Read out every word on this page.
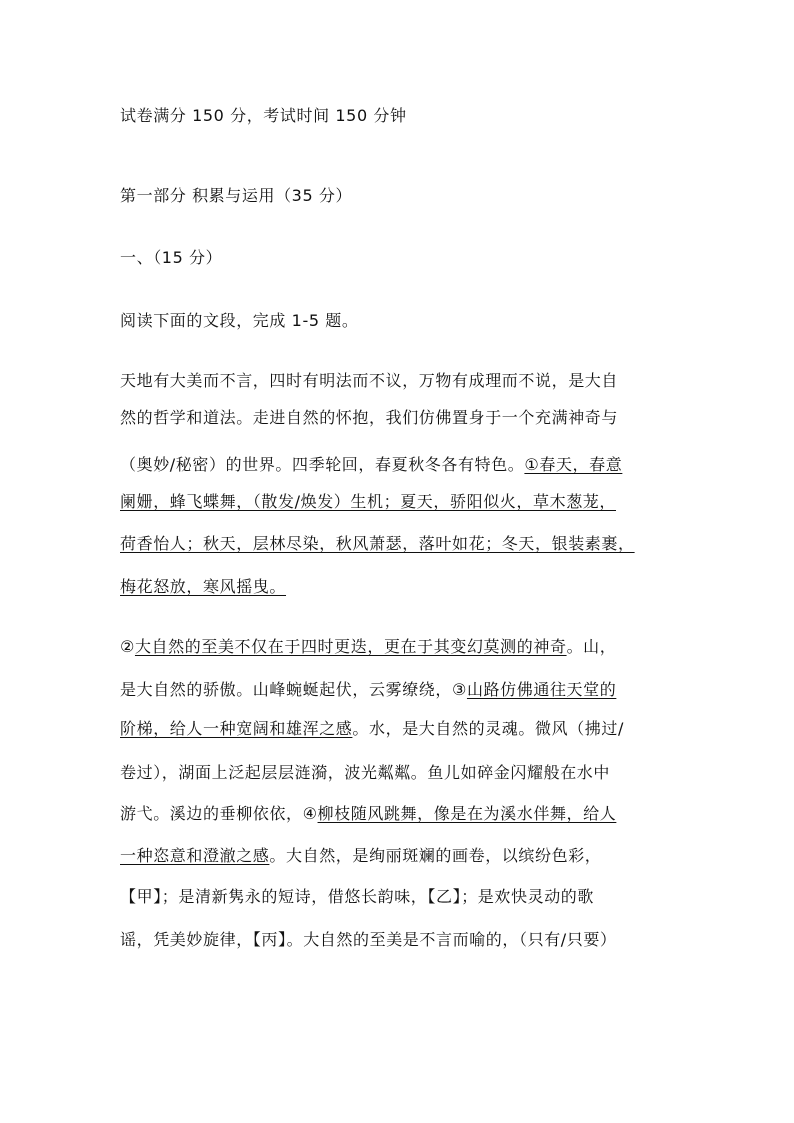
试卷满分 150 分，考试时间 150 分钟
第一部分 积累与运用（35 分）
一、（15 分）
阅读下面的文段，完成 1-5 题。
天地有大美而不言，四时有明法而不议，万物有成理而不说，是大自
然的哲学和道法。走进自然的怀抱，我们仿佛置身于一个充满神奇与
（奥妙/秘密）的世界。四季轮回，春夏秋冬各有特色。①春天，春意
阑姗，蜂飞蝶舞，（散发/焕发）生机；夏天，骄阳似火，草木葱茏，
荷香怡人；秋天，层林尽染，秋风萧瑟，落叶如花；冬天，银装素裹，
梅花怒放，寒风摇曳。
②大自然的至美不仅在于四时更迭，更在于其变幻莫测的神奇。山，
是大自然的骄傲。山峰蜿蜒起伏，云雾缭绕，③山路仿佛通往天堂的
阶梯，给人一种宽阔和雄浑之感。水，是大自然的灵魂。微风（拂过/
卷过），湖面上泛起层层涟漪，波光粼粼。鱼儿如碎金闪耀般在水中
游弋。溪边的垂柳依依，④柳枝随风跳舞，像是在为溪水伴舞，给人
一种恣意和澄澈之感。大自然，是绚丽斑斓的画卷，以缤纷色彩，
【甲】；是清新隽永的短诗，借悠长韵味，【乙】；是欢快灵动的歌
谣，凭美妙旋律，【丙】。大自然的至美是不言而喻的，（只有/只要）
